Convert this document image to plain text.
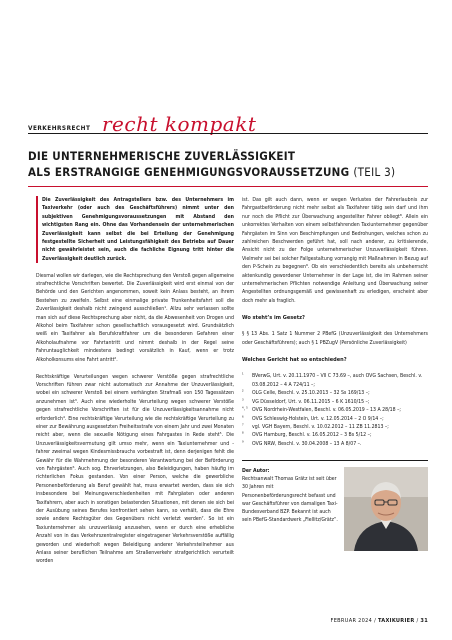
VERKEHRSRECHT recht kompakt
DIE UNTERNEHMERISCHE ZUVERLÄSSIGKEIT
ALS ERSTRANGIGE GENEHMIGUNGSVORAUSSETZUNG (TEIL 3)

Die Zuverlässigkeit des Antragstellers bzw. des Unternehmers im Taxiverkehr (oder auch des Geschäftsführers) nimmt unter den subjektiven Genehmigungsvoraussetzungen mit Abstand den wichtigsten Rang ein. Ohne das Vorhandensein der unternehmerischen Zuverlässigkeit kann selbst die bei Erteilung der Genehmigung festgestellte Sicherheit und Leistungsfähigkeit des Betriebs auf Dauer nicht gewährleistet sein, auch die fachliche Eignung tritt hinter die Zuverlässigkeit deutlich zurück.

Diesmal wollen wir darlegen, wie die Rechtsprechung den Verstoß gegen allgemeine strafrechtliche Vorschriften bewertet. Die Zuverlässigkeit wird erst einmal von der Behörde und den Gerichten angenommen, soweit kein Anlass besteht, an ihrem Bestehen zu zweifeln. Selbst eine einmalige private Trunkenheitsfahrt soll die Zuverlässigkeit deshalb nicht zwingend ausschließen¹. Allzu sehr verlassen sollte man sich auf diese Rechtsprechung aber nicht, da die Abwesenheit von Drogen und Alkohol beim Taxifahrer schon gesellschaftlich vorausgesetzt wird. Grundsätzlich weiß ein Taxifahrer als Berufskraftfahrer um die besonderen Gefahren einer Alkoholaufnahme vor Fahrtantritt und nimmt deshalb in der Regel seine Fahruntauglichkeit mindestens bedingt vorsätzlich in Kauf, wenn er trotz Alkoholkonsums eine Fahrt antritt².

Rechtskräftige Verurteilungen wegen schwerer Verstöße gegen strafrechtliche Vorschriften führen zwar nicht automatisch zur Annahme der Unzuverlässigkeit, wobei ein schwerer Verstoß bei einem verhängten Strafmaß von 150 Tagessätzen anzunehmen ist³. Auch eine wiederholte Verurteilung wegen schwerer Verstöße gegen strafrechtliche Vorschriften ist für die Unzuverlässigkeitsannahme nicht erforderlich⁴. Eine rechtskräftige Verurteilung wie die rechtskräftige Verurteilung zu einer zur Bewährung ausgesetzten Freiheitsstrafe von einem Jahr und zwei Monaten reicht aber, wenn die sexuelle Nötigung eines Fahrgastes in Rede steht⁵. Die Unzuverlässigkeitsvermutung gilt umso mehr, wenn ein Taxiunternehmer und -fahrer zweimal wegen Kindesmissbrauchs vorbestraft ist, denn derjenigen fehlt die Gewähr für die Wahrnehmung der besonderen Verantwortung bei der Beförderung von Fahrgästen⁶. Auch sog. Ehrverletzungen, also Beleidigungen, haben häufig im richterlichen Fokus gestanden. Von einer Person, welche die gewerbliche Personenbeförderung als Beruf gewählt hat, muss erwartet werden, dass sie sich insbesondere bei Meinungsverschiedenheiten mit Fahrgästen oder anderen Taxifahrern, aber auch in sonstigen belastenden Situationen, mit denen sie sich bei der Ausübung seines Berufes konfrontiert sehen kann, so verhält, dass die Ehre sowie andere Rechtsgüter des Gegenübers nicht verletzt werden⁷. So ist ein Taxiunternehmer als unzuverlässig anzusehen, wenn er durch eine erhebliche Anzahl von in das Verkehrszentralregister eingetragener Verkehrsverstöße auffällig geworden und wiederholt wegen Beleidigung anderer Verkehrsteilnehmer aus Anlass seiner beruflichen Teilnahme am Straßenverkehr strafgerichtlich verurteilt worden

ist. Das gilt auch dann, wenn er wegen Verlustes der Fahrerlaubnis zur Fahrgastbeförderung nicht mehr selbst als Taxifahrer tätig sein darf und ihm nur noch die Pflicht zur Überwachung angestellter Fahrer obliegt⁸. Allein ein unkorrektes Verhalten von einem selbstfahrenden Taxiunternehmer gegenüber Fahrgästen im Sinn von Beschimpfungen und Bedrohungen, welches schon zu zahlreichen Beschwerden geführt hat, soll nach anderer, zu kritisierende, Ansicht nicht zu der Folge unternehmerischer Unzuverlässigkeit führen. Vielmehr sei bei solcher Fallgestaltung vorrangig mit Maßnahmen in Bezug auf den P-Schein zu begegnen⁹. Ob ein verschiedentlich bereits als unbeherrscht aktenkundig gewordener Unternehmer in der Lage ist, die im Rahmen seiner unternehmerischen Pflichten notwendige Anleitung und Überwachung seiner Angestellten ordnungsgemäß und gewissenhaft zu erledigen, erscheint aber doch mehr als fraglich.

Wo steht’s im Gesetz?

§ § 13 Abs. 1 Satz 1 Nummer 2 PBefG (Unzuverlässigkeit des Unternehmers oder Geschäftsführers); auch § 1 PBZugV (Persönliche Zuverlässigkeit)

Welches Gericht hat so entschieden?

¹	BVerwG, Urt. v. 20.11.1970 – VII C 73.69 –, auch OVG Sachsen, Beschl. v. 03.08.2012 – 4 A 724/11 –;
²	OLG Celle, Beschl. v. 25.10.2013 – 32 Ss 169/13 –;
³	VG Düsseldorf, Urt. v. 06.11.2015 – 6 K 1610/15 –;
⁴, ⁵ OVG Nordrhein-Westfalen, Beschl. v. 06.05.2019 – 13 A 28/18 –;
⁶	OVG Schleswig-Holstein, Urt. v. 12.05.2014 – 2 O 9/14 –;
⁷	vgl. VGH Bayern, Beschl. v. 10.02.2012 – 11 ZB 11.2813 –;
⁸	OVG Hamburg, Beschl. v. 16.05.2012 – 3 Bs 5/12 –;
⁹	OVG NRW, Beschl. v. 30.04.2008 – 13 A 8/07 –.
Der Autor:
Rechtsanwalt Thomas Grätz ist seit über 30 Jahren mit Personenbeförderungsrecht befasst und war Geschäftsführer von damaligen Taxi-Bundesverband BZP. Bekannt ist auch sein PBefG-Standardwerk „Fiellitz/Grätz“.
FEBRUAR 2024 / TAXIKURIER / 31
